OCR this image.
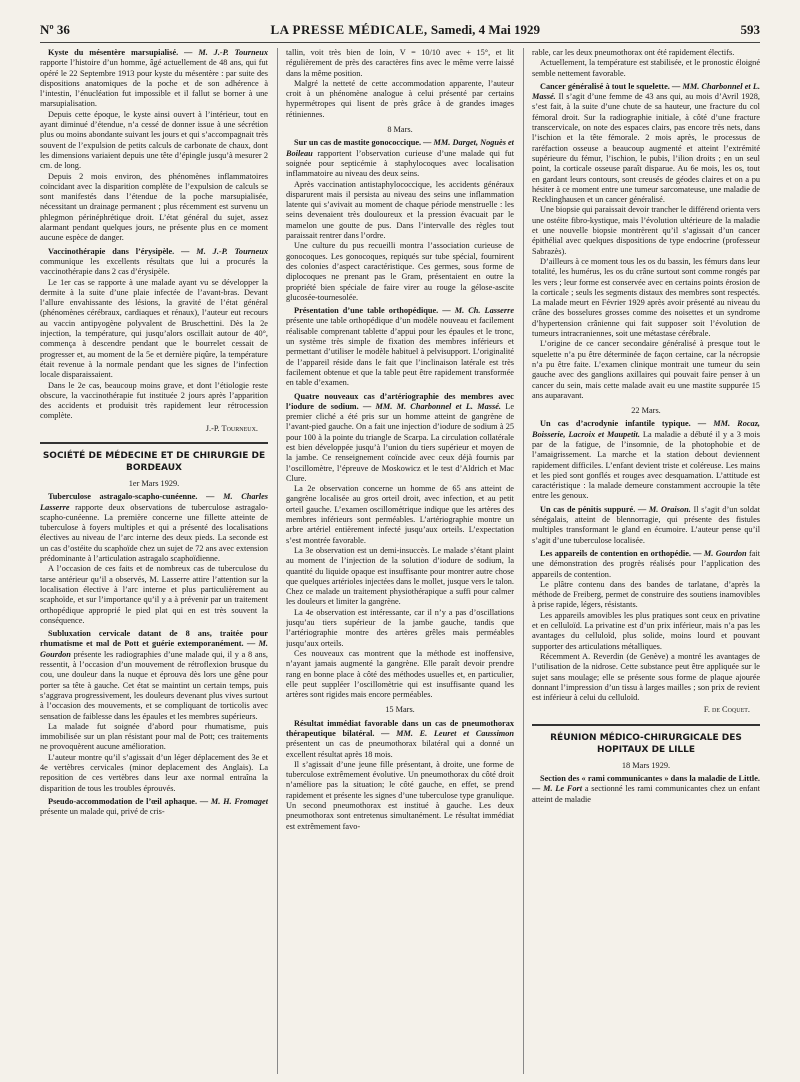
Nº 36	LA PRESSE MÉDICALE, Samedi, 4 Mai 1929	593

Kyste du mésentère marsupialisé. — M. J.-P. Tourneux rapporte l’histoire d’un homme, âgé actuellement de 48 ans, qui fut opéré le 22 Septembre 1913 pour kyste du mésentère : par suite des dispositions anatomiques de la poche et de son adhérence à l’intestin, l’énucléation fut impossible et il fallut se borner à une marsupialisation.

Depuis cette époque, le kyste ainsi ouvert à l’intérieur, tout en ayant diminué d’étendue, n’a cessé de donner issue à une sécrétion plus ou moins abondante suivant les jours et qui s’accompagnait très souvent de l’expulsion de petits calculs de carbonate de chaux, dont les dimensions variaient depuis une tête d’épingle jusqu’à mesurer 2 cm. de long.

Depuis 2 mois environ, des phénomènes inflammatoires coïncidant avec la disparition complète de l’expulsion de calculs se sont manifestés dans l’étendue de la poche marsupialisée, nécessitant un drainage permanent ; plus récemment est survenu un phlegmon périnéphrétique droit. L’état général du sujet, assez alarmant pendant quelques jours, ne présente plus en ce moment aucune espèce de danger.

Vaccinothérapie dans l’érysipèle. — M. J.-P. Tourneux communique les excellents résultats que lui a procurés la vaccinothérapie dans 2 cas d’érysipèle.

Le 1er cas se rapporte à une malade ayant vu se développer la dermite à la suite d’une plaie infectée de l’avant-bras. Devant l’allure envahissante des lésions, la gravité de l’état général (phénomènes cérébraux, cardiaques et rénaux), l’auteur eut recours au vaccin antipyogène polyvalent de Bruschettini. Dès la 2e injection, la température, qui jusqu’alors oscillait autour de 40°, commença à descendre pendant que le bourrelet cessait de progresser et, au moment de la 5e et dernière piqûre, la température était revenue à la normale pendant que les signes de l’infection locale disparaissaient.

Dans le 2e cas, beaucoup moins grave, et dont l’étiologie reste obscure, la vaccinothérapie fut instituée 2 jours après l’apparition des accidents et produisit très rapidement leur rétrocession complète.

J.-P. Tourneux.

SOCIÉTÉ DE MÉDECINE ET DE CHIRURGIE DE BORDEAUX

1er Mars 1929.

Tuberculose astragalo-scapho-cunéenne. — M. Charles Lasserre rapporte deux observations de tuberculose astragalo-scapho-cunéenne. La première concerne une fillette atteinte de tuberculose à foyers multiples et qui a présenté des localisations électives au niveau de l’arc interne des deux pieds. La seconde est un cas d’ostéite du scaphoïde chez un sujet de 72 ans avec extension prédominante à l’articulation astragalo scaphoïdienne.

A l’occasion de ces faits et de nombreux cas de tuberculose du tarse antérieur qu’il a observés, M. Lasserre attire l’attention sur la localisation élective à l’arc interne et plus particulièrement au scaphoïde, et sur l’importance qu’il y a à prévenir par un traitement orthopédique approprié le pied plat qui en est très souvent la conséquence.

Subluxation cervicale datant de 8 ans, traitée pour rhumatisme et mal de Pott et guérie extemporanément. — M. Gourdon présente les radiographies d’une malade qui, il y a 8 ans, ressentit, à l’occasion d’un mouvement de rétroflexion brusque du cou, une douleur dans la nuque et éprouva dès lors une gêne pour porter sa tête à gauche. Cet état se maintint un certain temps, puis s’aggrava progressivement, les douleurs devenant plus vives surtout à l’occasion des mouvements, et se compliquant de torticolis avec sensation de faiblesse dans les épaules et les membres supérieurs.

La malade fut soignée d’abord pour rhumatisme, puis immobilisée sur un plan résistant pour mal de Pott; ces traitements ne provoquèrent aucune amélioration.

L’auteur montre qu’il s’agissait d’un léger déplacement des 3e et 4e vertèbres cervicales (minor deplacement des Anglais). La reposition de ces vertèbres dans leur axe normal entraîna la disparition de tous les troubles éprouvés.

Pseudo-accommodation de l’œil aphaque. — M. H. Fromaget présente un malade qui, privé de cris-

tallin, voit très bien de loin, V = 10/10 avec + 15°, et lit régulièrement de près des caractères fins avec le même verre laissé dans la même position.

Malgré la netteté de cette accommodation apparente, l’auteur croit à un phénomène analogue à celui présenté par certains hypermétropes qui lisent de près grâce à de grandes images rétiniennes.

8 Mars.

Sur un cas de mastite gonococcique. — MM. Darget, Noguès et Boileau rapportent l’observation curieuse d’une malade qui fut soignée pour septicémie à staphylocoques avec localisation inflammatoire au niveau des deux seins.

Après vaccination antistaphylococcique, les accidents généraux disparurent mais il persista au niveau des seins une inflammation latente qui s’avivait au moment de chaque période menstruelle : les seins devenaient très douloureux et la pression évacuait par le mamelon une goutte de pus. Dans l’intervalle des règles tout paraissait rentrer dans l’ordre.

Une culture du pus recueilli montra l’association curieuse de gonocoques. Les gonocoques, repiqués sur tube spécial, fournirent des colonies d’aspect caractéristique. Ces germes, sous forme de diplocoques ne prenant pas le Gram, présentaient en outre la propriété bien spéciale de faire virer au rouge la gélose-ascite glucosée-tournesolée.

Présentation d’une table orthopédique. — M. Ch. Lasserre présente une table orthopédique d’un modèle nouveau et facilement réalisable comprenant tablette d’appui pour les épaules et le tronc, un système très simple de fixation des membres inférieurs et permettant d’utiliser le modèle habituel à pelvisupport. L’originalité de l’appareil réside dans le fait que l’inclinaison latérale est très facilement obtenue et que la table peut être rapidement transformée en table d’examen.

Quatre nouveaux cas d’artériographie des membres avec l’iodure de sodium. — MM. M. Charbonnel et L. Massé. Le premier cliché a été pris sur un homme atteint de gangrène de l’avant-pied gauche. On a fait une injection d’iodure de sodium à 25 pour 100 à la pointe du triangle de Scarpa. La circulation collatérale est bien développée jusqu’à l’union du tiers supérieur et moyen de la jambe. Ce renseignement coïncide avec ceux déjà fournis par l’oscillomètre, l’épreuve de Moskowicz et le test d’Aldrich et Mac Clure.

La 2e observation concerne un homme de 65 ans atteint de gangrène localisée au gros orteil droit, avec infection, et au petit orteil gauche. L’examen oscillométrique indique que les artères des membres inférieurs sont perméables. L’artériographie montre un arbre artériel entièrement infecté jusqu’aux orteils. L’expectation s’est montrée favorable.

La 3e observation est un demi-insuccès. Le malade s’étant plaint au moment de l’injection de la solution d’iodure de sodium, la quantité du liquide opaque est insuffisante pour montrer autre chose que quelques artérioles injectées dans le mollet, jusque vers le talon. Chez ce malade un traitement physiothérapique a suffi pour calmer les douleurs et limiter la gangrène.

La 4e observation est intéressante, car il n’y a pas d’oscillations jusqu’au tiers supérieur de la jambe gauche, tandis que l’artériographie montre des artères grêles mais perméables jusqu’aux orteils.

Ces nouveaux cas montrent que la méthode est inoffensive, n’ayant jamais augmenté la gangrène. Elle paraît devoir prendre rang en bonne place à côté des méthodes usuelles et, en particulier, elle peut suppléer l’oscillomètrie qui est insuffisante quand les artères sont rigides mais encore perméables.

15 Mars.

Résultat immédiat favorable dans un cas de pneumothorax thérapeutique bilatéral. — MM. E. Leuret et Caussimon présentent un cas de pneumothorax bilatéral qui a donné un excellent résultat après 18 mois.

Il s’agissait d’une jeune fille présentant, à droite, une forme de tuberculose extrêmement évolutive. Un pneumothorax du côté droit n’améliore pas la situation; le côté gauche, en effet, se prend rapidement et présente les signes d’une tuberculose type granulique. Un second pneumothorax est institué à gauche. Les deux pneumothorax sont entretenus simultanément. Le résultat immédiat est extrêmement favo-

rable, car les deux pneumothorax ont été rapidement électifs.

Actuellement, la température est stabilisée, et le pronostic éloigné semble nettement favorable.

Cancer généralisé à tout le squelette. — MM. Charbonnel et L. Massé. Il s’agit d’une femme de 43 ans qui, au mois d’Avril 1928, s’est fait, à la suite d’une chute de sa hauteur, une fracture du col fémoral droit. Sur la radiographie initiale, à côté d’une fracture transcervicale, on note des espaces clairs, pas encore très nets, dans l’ischion et la tête fémorale. 2 mois après, le processus de raréfaction osseuse a beaucoup augmenté et atteint l’extrémité supérieure du fémur, l’ischion, le pubis, l’ilion droits ; en un seul point, la corticale osseuse paraît disparue. Au 6e mois, les os, tout en gardant leurs contours, sont creusés de géodes claires et on a pu hésiter à ce moment entre une tumeur sarcomateuse, une maladie de Recklinghausen et un cancer généralisé.

Une biopsie qui paraissait devoir trancher le différend orienta vers une ostéite fibro-kystique, mais l’évolution ultérieure de la maladie et une nouvelle biopsie montrèrent qu’il s’agissait d’un cancer épithélial avec quelques dispositions de type endocrine (professeur Sabrazès).

D’ailleurs à ce moment tous les os du bassin, les fémurs dans leur totalité, les humérus, les os du crâne surtout sont comme rongés par les vers ; leur forme est conservée avec en certains points érosion de la corticale ; seuls les segments distaux des membres sont respectés. La malade meurt en Février 1929 après avoir présenté au niveau du crâne des bosselures grosses comme des noisettes et un syndrome d’hypertension crânienne qui fait supposer soit l’évolution de tumeurs intracraniennes, soit une métastase cérébrale.

L’origine de ce cancer secondaire généralisé à presque tout le squelette n’a pu être déterminée de façon certaine, car la nécropsie n’a pu être faite. L’examen clinique montrait une tumeur du sein gauche avec des ganglions axillaires qui pouvait faire penser à un cancer du sein, mais cette malade avait eu une mastite suppurée 15 ans auparavant.

22 Mars.

Un cas d’acrodynie infantile typique. — MM. Rocaz, Boisserie, Lacroix et Maupetit. La maladie a débuté il y a 3 mois par de la fatigue, de l’insomnie, de la photophobie et de l’amaigrissement. La marche et la station debout deviennent rapidement difficiles. L’enfant devient triste et coléreuse. Les mains et les pied sont gonflés et rouges avec desquamation. L’attitude est caractéristique : la malade demeure constamment accroupie la tête entre les genoux.

Un cas de pénitis suppuré. — M. Oraison. Il s’agit d’un soldat sénégalais, atteint de blennorragie, qui présente des fistules multiples transformant le gland en écumoire. L’auteur pense qu’il s’agit d’une tuberculose localisée.

Les appareils de contention en orthopédie. — M. Gourdon fait une démonstration des progrès réalisés pour l’application des appareils de contention.

Le plâtre contenu dans des bandes de tarlatane, d’après la méthode de Freiberg, permet de construire des soutiens inamovibles à prise rapide, légers, résistants.

Les appareils amovibles les plus pratiques sont ceux en privatine et en celluloïd. La privatine est d’un prix inférieur, mais n’a pas les avantages du celluloïd, plus solide, moins lourd et pouvant supporter des articulations métalliques.

Récemment A. Reverdin (de Genève) a montré les avantages de l’utilisation de la nidrose. Cette substance peut être appliquée sur le sujet sans moulage; elle se présente sous forme de plaque ajourée donnant l’impression d’un tissu à larges mailles ; son prix de revient est inférieur à celui du celluloïd.

F. de Coquet.

RÉUNION MÉDICO-CHIRURGICALE DES HOPITAUX DE LILLE

18 Mars 1929.

Section des « rami communicantes » dans la maladie de Little. — M. Le Fort a sectionné les rami communicantes chez un enfant atteint de maladie
